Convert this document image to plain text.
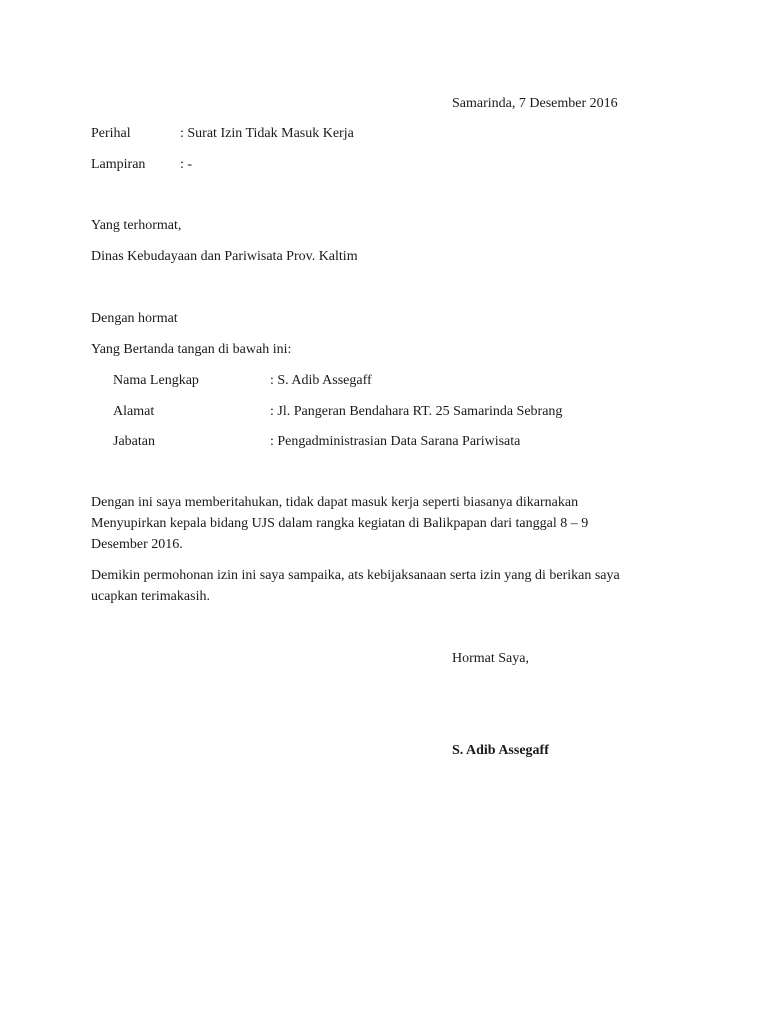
Samarinda, 7 Desember 2016
Perihal	: Surat Izin Tidak Masuk Kerja
Lampiran : -
Yang terhormat,
Dinas Kebudayaan dan Pariwisata Prov. Kaltim
Dengan hormat
Yang Bertanda tangan di bawah ini:
Nama Lengkap	: S. Adib Assegaff
Alamat	: Jl. Pangeran Bendahara RT. 25 Samarinda Sebrang
Jabatan	: Pengadministrasian Data Sarana Pariwisata
Dengan ini saya memberitahukan, tidak dapat masuk kerja seperti biasanya dikarnakan
Menyupirkan kepala bidang UJS dalam rangka kegiatan di Balikpapan dari tanggal 8 – 9
Desember 2016.
Demikin permohonan izin ini saya sampaika, ats kebijaksanaan serta izin yang di berikan saya
ucapkan terimakasih.
Hormat Saya,
S. Adib Assegaff
